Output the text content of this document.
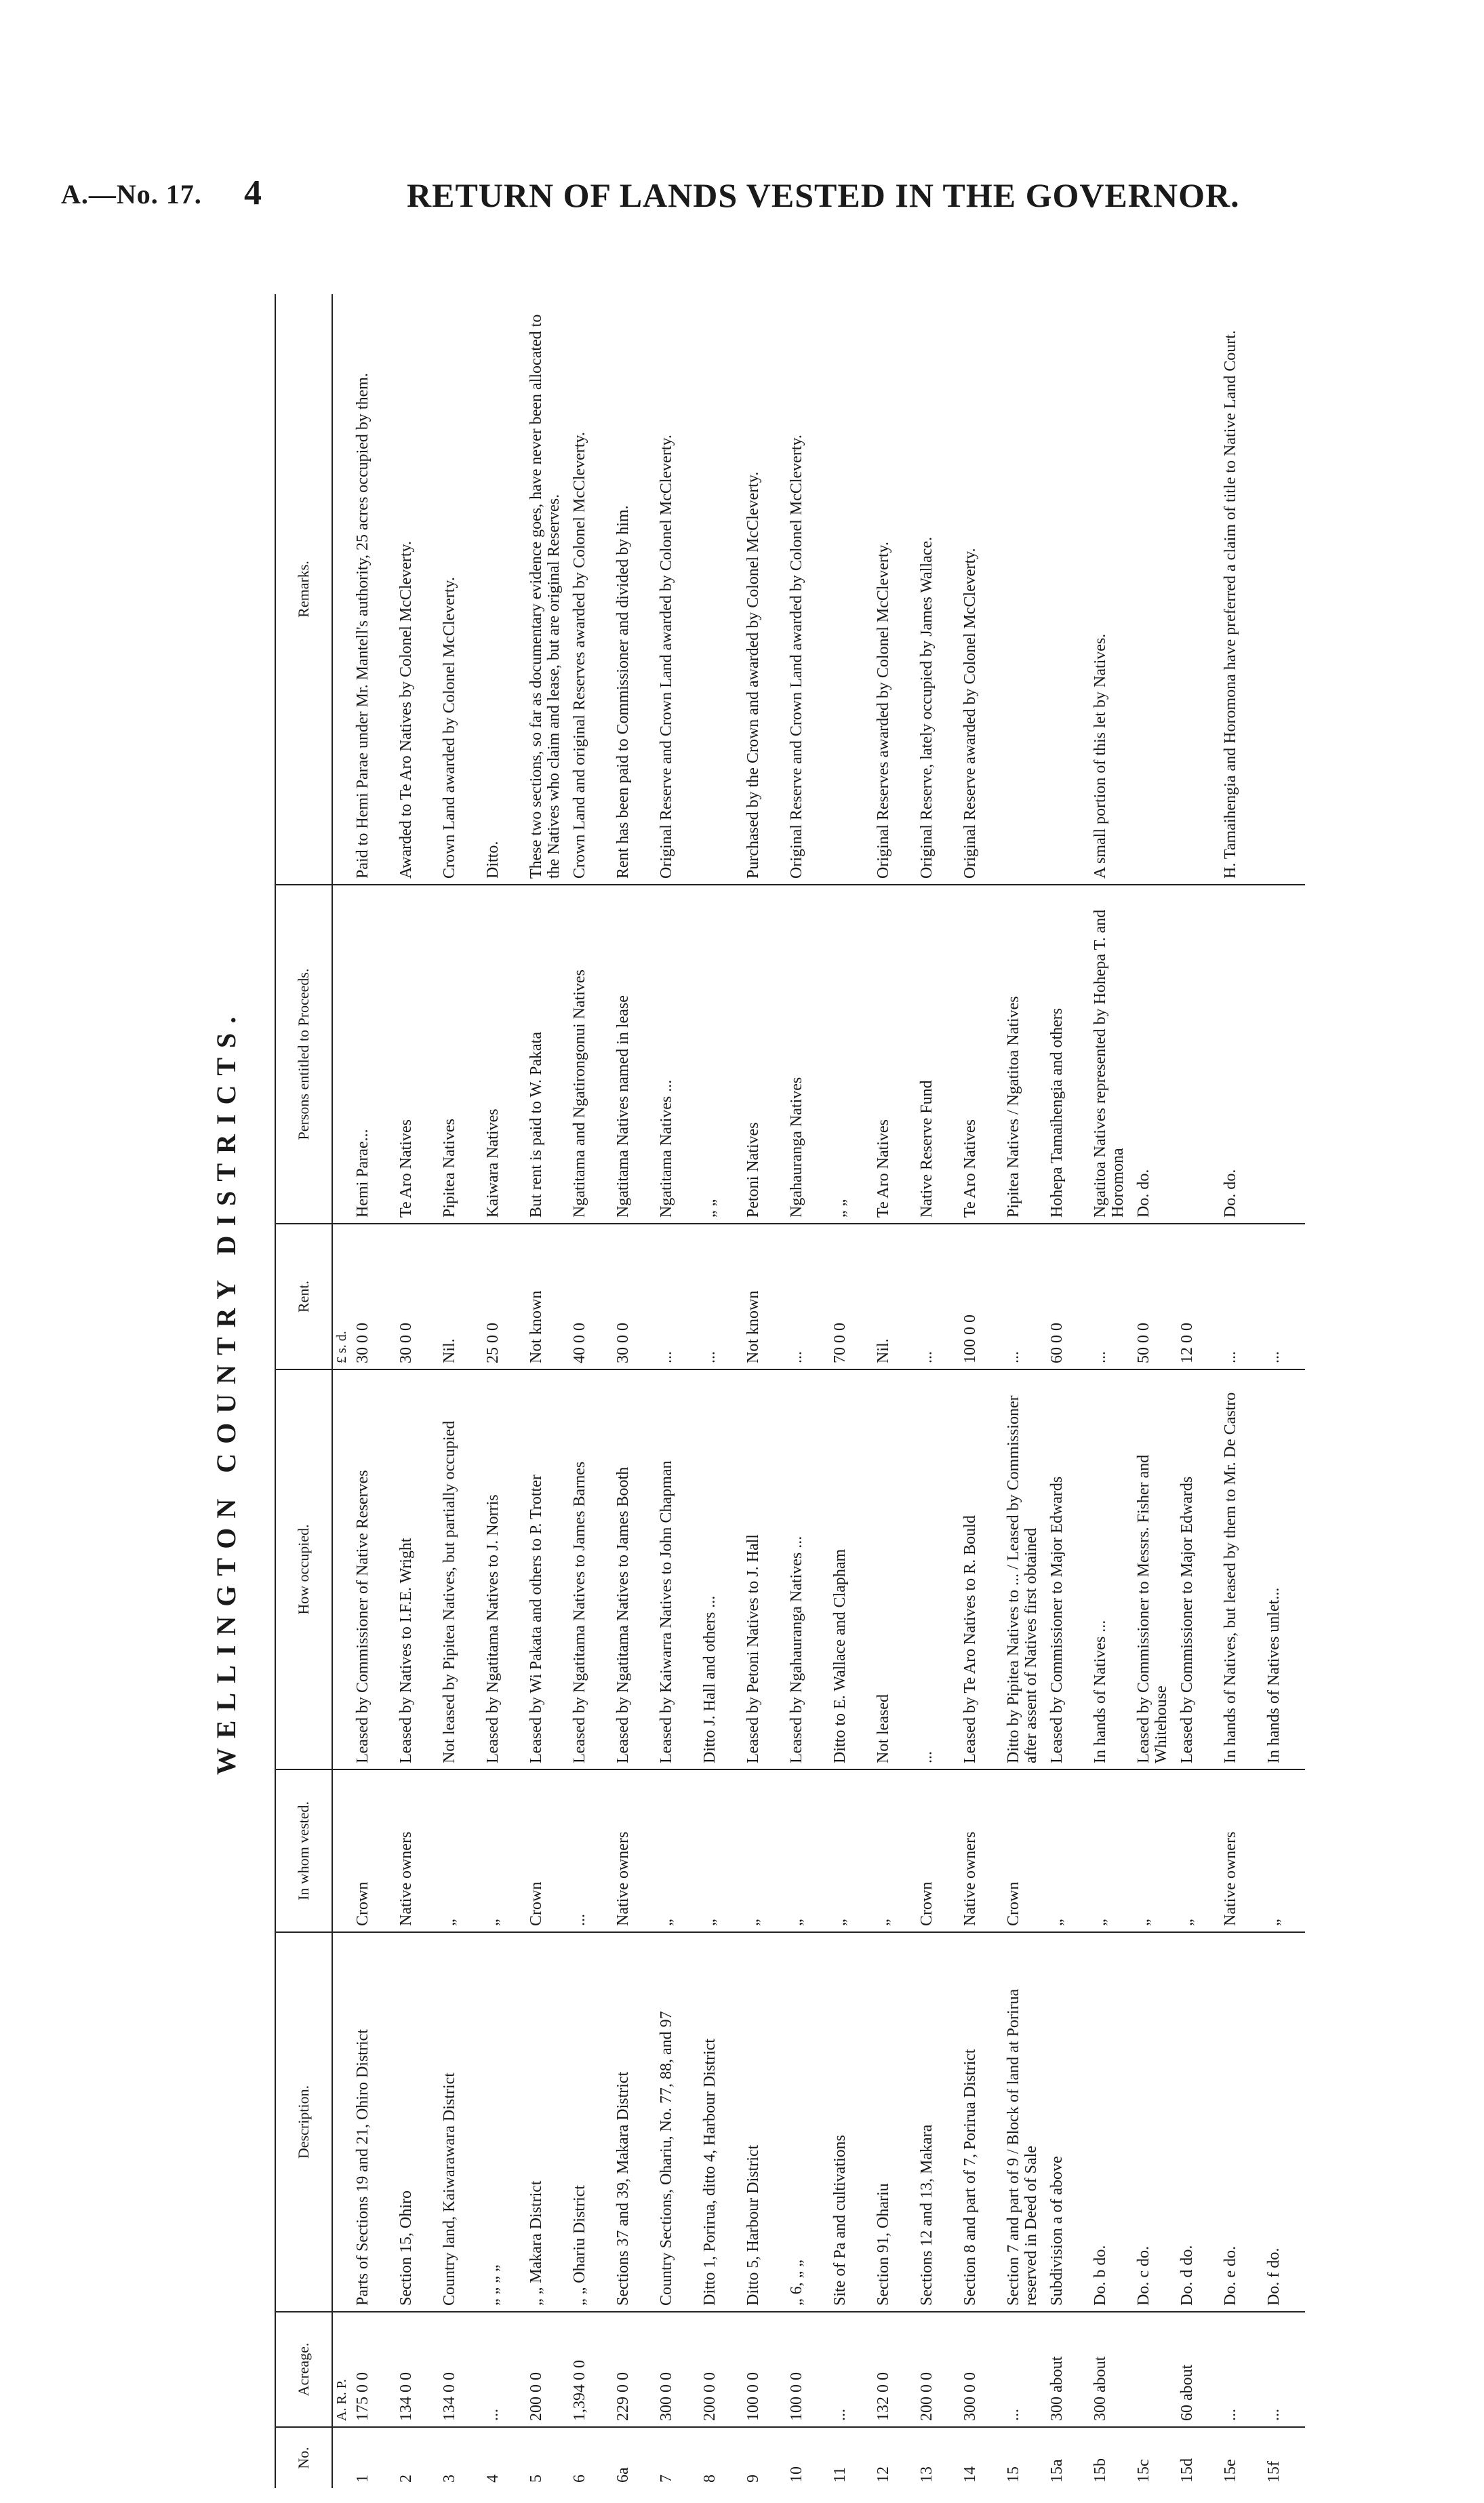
A.—No. 17. 4	RETURN OF LANDS VESTED IN THE GOVERNOR.
WELLINGTON COUNTRY DISTRICTS.
No.	Acreage.	Description.	In whom vested.	How occupied.	Rent.	Persons entitled to Proceeds.	Remarks.
	A. R. P.				£ s. d.		
1	175 0 0	Parts of Sections 19 and 21, Ohiro District	Crown	Leased by Commissioner of Native Reserves	30 0 0	Hemi Parae...	Paid to Hemi Parae under Mr. Mantell's authority, 25 acres occupied by them.
2	134 0 0	Section 15, Ohiro	Native owners	Leased by Natives to I.F.E. Wright	30 0 0	Te Aro Natives	Awarded to Te Aro Natives by Colonel McCleverty.
3	134 0 0	Country land, Kaiwarawara District	„	Not leased by Pipitea Natives, but partially occupied	Nil.	Pipitea Natives	Crown Land awarded by Colonel McCleverty.
4	...	„ „ „ „	„	Leased by Ngatitama Natives to J. Norris	25 0 0	Kaiwara Natives	Ditto.
5	200 0 0	„ „ Makara District	Crown	Leased by Wi Pakata and others to P. Trotter	Not known	But rent is paid to W. Pakata	These two sections, so far as documentary evidence goes, have never been allocated to the Natives who claim and lease, but are original Reserves.
6	1,394 0 0	„ „ Ohariu District	...	Leased by Ngatitama Natives to James Barnes	40 0 0	Ngatitama and Ngatirongonui Natives	Crown Land and original Reserves awarded by Colonel McCleverty.
6a	229 0 0	Sections 37 and 39, Makara District	Native owners	Leased by Ngatitama Natives to James Booth	30 0 0	Ngatitama Natives named in lease	Rent has been paid to Commissioner and divided by him.
7	300 0 0	Country Sections, Ohariu, No. 77, 88, and 97	„	Leased by Kaiwarra Natives to John Chapman	...	Ngatitama Natives ...	Original Reserve and Crown Land awarded by Colonel McCleverty.
8	200 0 0	Ditto 1, Porirua, ditto 4, Harbour District	„	Ditto J. Hall and others ...	...	„ „	
9	100 0 0	Ditto 5, Harbour District	„	Leased by Petoni Natives to J. Hall	Not known	Petoni Natives	Purchased by the Crown and awarded by Colonel McCleverty.
10	100 0 0	„ 6, „ „	„	Leased by Ngahauranga Natives ...	...	Ngahauranga Natives	Original Reserve and Crown Land awarded by Colonel McCleverty.
11	...	Site of Pa and cultivations	„	Ditto to E. Wallace and Clapham	70 0 0	„ „	
12	132 0 0	Section 91, Ohariu	„	Not leased	Nil.	Te Aro Natives	Original Reserves awarded by Colonel McCleverty.
13	200 0 0	Sections 12 and 13, Makara	Crown	...	...	Native Reserve Fund	Original Reserve, lately occupied by James Wallace.
14	300 0 0	Section 8 and part of 7, Porirua District	Native owners	Leased by Te Aro Natives to R. Bould	100 0 0	Te Aro Natives	Original Reserve awarded by Colonel McCleverty.
15	...	Section 7 and part of 9 / Block of land at Porirua reserved in Deed of Sale	Crown	Ditto by Pipitea Natives to ... / Leased by Commissioner after assent of Natives first obtained	...	Pipitea Natives / Ngatitoa Natives	
15a	300 about	Subdivision a of above	„	Leased by Commissioner to Major Edwards	60 0 0	Hohepa Tamaihengia and others	
15b	300 about	Do. b do.	„	In hands of Natives ...	...	Ngatitoa Natives represented by Hohepa T. and Horomona	A small portion of this let by Natives.
15c		Do. c do.	„	Leased by Commissioner to Messrs. Fisher and Whitehouse	50 0 0	Do. do.	
15d	60 about	Do. d do.	„	Leased by Commissioner to Major Edwards	12 0 0		
15e	...	Do. e do.	Native owners	In hands of Natives, but leased by them to Mr. De Castro	...	Do. do.	H. Tamaihengia and Horomona have preferred a claim of title to Native Land Court.
15f	...	Do. f do.	„	In hands of Natives unlet...	...		
